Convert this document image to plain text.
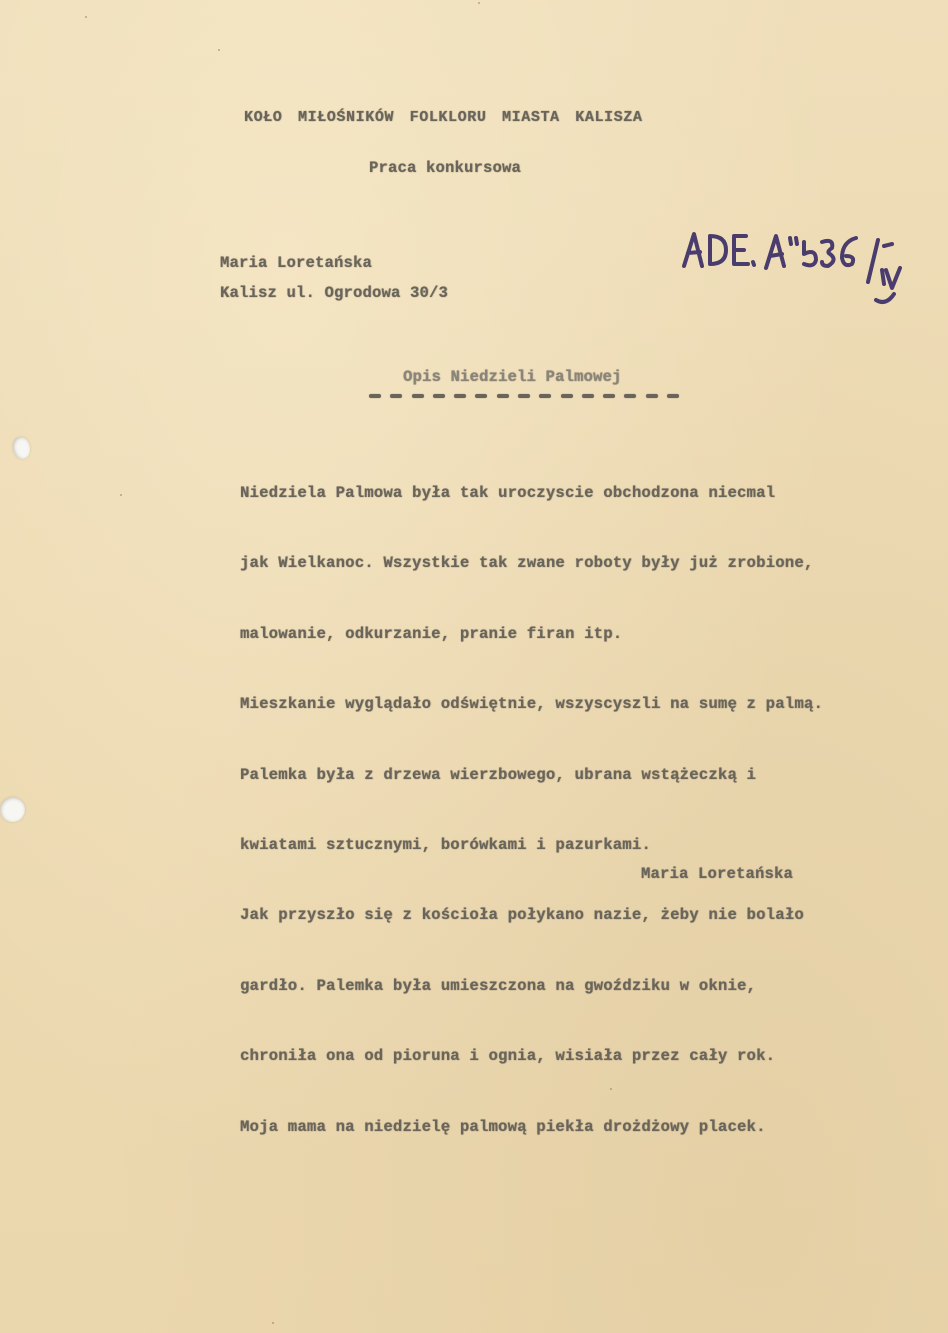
KOŁO MIŁOŚNIKÓW FOLKLORU MIASTA KALISZA
Praca konkursowa
Maria Loretańska
Kalisz ul. Ogrodowa 30/3
Opis Niedzieli Palmowej

Niedziela Palmowa była tak uroczyscie obchodzona niecmal

jak Wielkanoc. Wszystkie tak zwane roboty były już zrobione,

malowanie, odkurzanie, pranie firan itp.

Mieszkanie wyglądało odświętnie, wszyscyszli na sumę z palmą.

Palemka była z drzewa wierzbowego, ubrana wstążeczką i

kwiatami sztucznymi, borówkami i pazurkami.

Jak przyszło się z kościoła połykano nazie, żeby nie bolało

gardło. Palemka była umieszczona na gwoździku w oknie,

chroniła ona od pioruna i ognia, wisiała przez cały rok.

Moja mama na niedzielę palmową piekła drożdżowy placek.

Maria Loretańska
